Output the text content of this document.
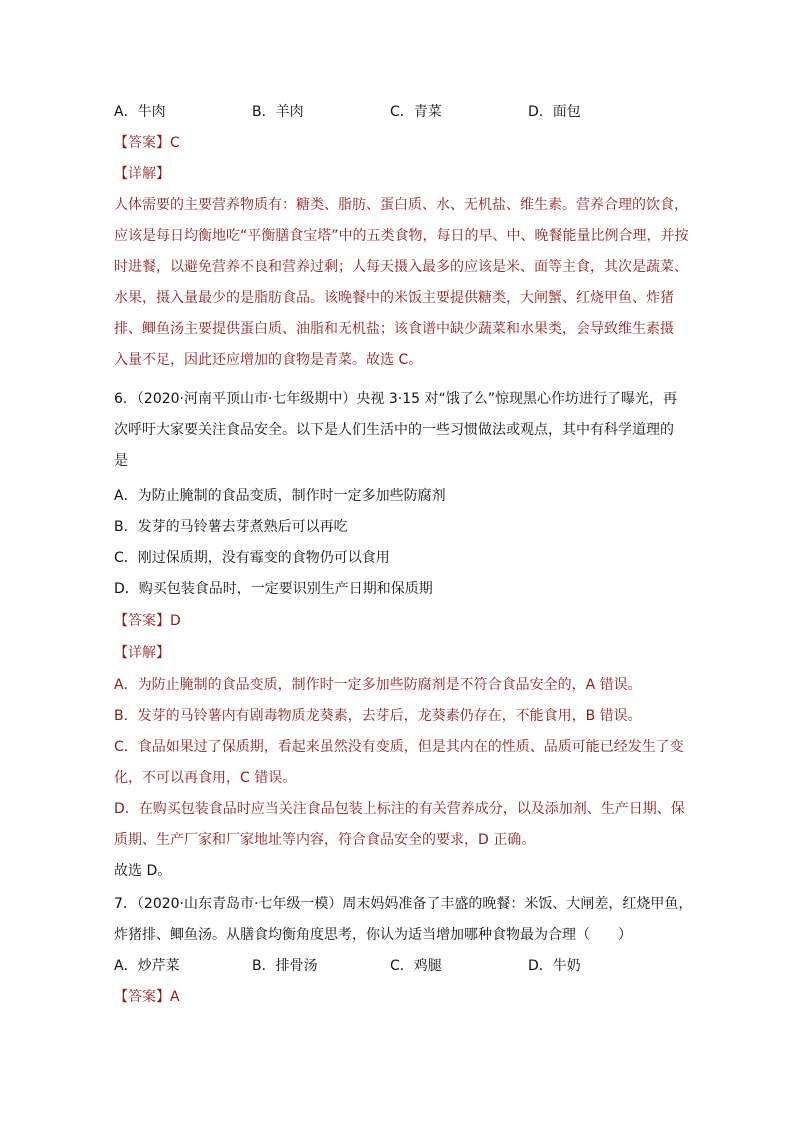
A．牛肉	B．羊肉	C．青菜	D．面包
【答案】C
【详解】
人体需要的主要营养物质有：糖类、脂肪、蛋白质、水、无机盐、维生素。营养合理的饮食，
应该是每日均衡地吃“平衡膳食宝塔”中的五类食物，每日的早、中、晚餐能量比例合理，并按
时进餐，以避免营养不良和营养过剩；人每天摄入最多的应该是米、面等主食，其次是蔬菜、
水果，摄入量最少的是脂肪食品。该晚餐中的米饭主要提供糖类，大闸蟹、红烧甲鱼、炸猪
排、鲫鱼汤主要提供蛋白质、油脂和无机盐；该食谱中缺少蔬菜和水果类，会导致维生素摄
入量不足，因此还应增加的食物是青菜。故选 C。
6．（2020·河南平顶山市·七年级期中）央视 3·15 对“饿了么”惊现黑心作坊进行了曝光，再
次呼吁大家要关注食品安全。以下是人们生活中的一些习惯做法或观点，其中有科学道理的
是
A．为防止腌制的食品变质，制作时一定多加些防腐剂
B．发芽的马铃薯去芽煮熟后可以再吃
C．刚过保质期，没有霉变的食物仍可以食用
D．购买包装食品时，一定要识别生产日期和保质期
【答案】D
【详解】
A．为防止腌制的食品变质，制作时一定多加些防腐剂是不符合食品安全的，A 错误。
B．发芽的马铃薯内有剧毒物质龙葵素，去芽后，龙葵素仍存在，不能食用，B 错误。
C．食品如果过了保质期，看起来虽然没有变质，但是其内在的性质、品质可能已经发生了变
化，不可以再食用，C 错误。
D．在购买包装食品时应当关注食品包装上标注的有关营养成分，以及添加剂、生产日期、保
质期、生产厂家和厂家地址等内容，符合食品安全的要求，D 正确。
故选 D。
7．（2020·山东青岛市·七年级一模）周末妈妈准备了丰盛的晚餐：米饭、大闸差，红烧甲鱼，
炸猪排、鲫鱼汤。从膳食均衡角度思考，你认为适当增加哪种食物最为合理（　　）
A．炒芹菜	B．排骨汤	C．鸡腿	D．牛奶
【答案】A
